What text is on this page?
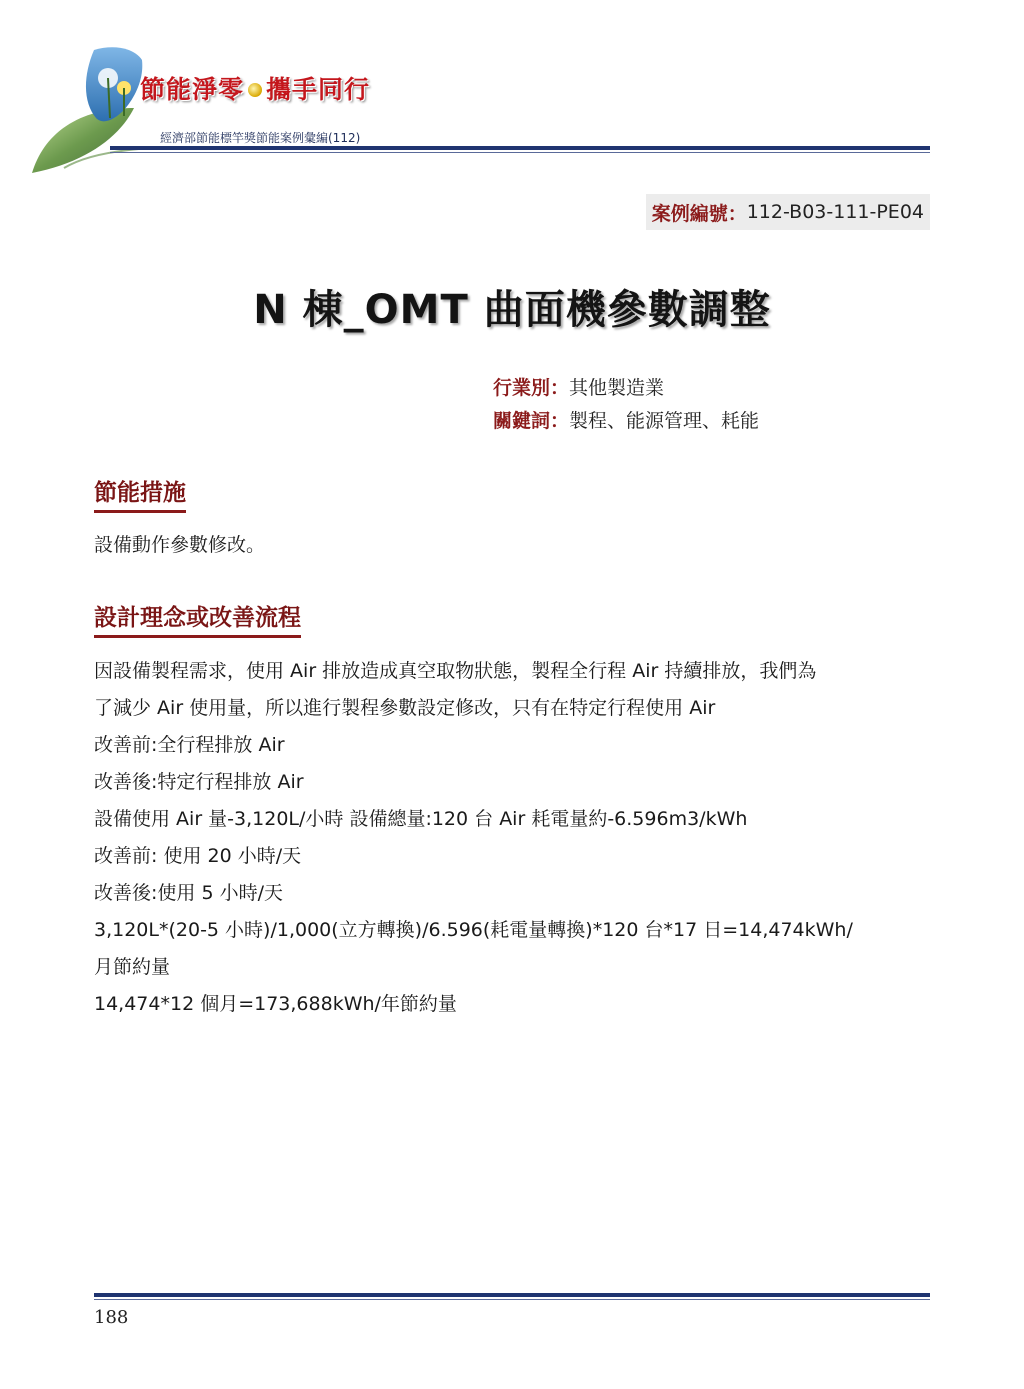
節能淨零 攜手同行
經濟部節能標竿獎節能案例彙編(112)
案例編號： 112-B03-111-PE04
N 棟_OMT 曲面機參數調整
行業別：其他製造業
關鍵詞：製程、能源管理、耗能
節能措施
設備動作參數修改。
設計理念或改善流程
因設備製程需求，使用 Air 排放造成真空取物狀態，製程全行程 Air 持續排放，我們為
了減少 Air 使用量，所以進行製程參數設定修改，只有在特定行程使用 Air
改善前:全行程排放 Air
改善後:特定行程排放 Air
設備使用 Air 量-3,120L/小時 設備總量:120 台 Air 耗電量約-6.596m3/kWh
改善前: 使用 20 小時/天
改善後:使用 5 小時/天
3,120L*(20-5 小時)/1,000(立方轉換)/6.596(耗電量轉換)*120 台*17 日=14,474kWh/
月節約量
14,474*12 個月=173,688kWh/年節約量
188
